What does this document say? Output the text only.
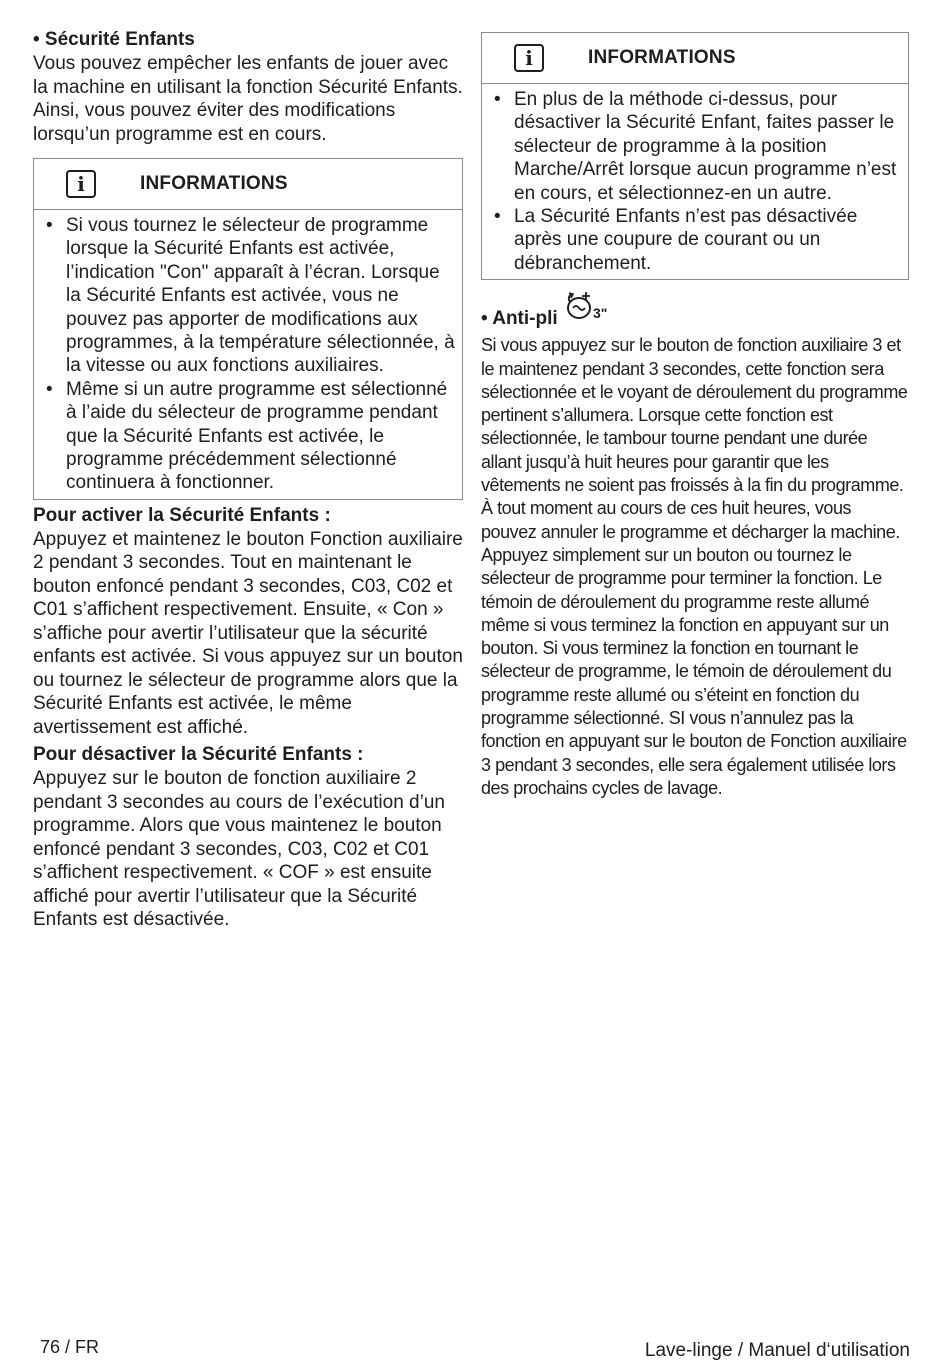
• Sécurité Enfants

Vous pouvez empêcher les enfants de jouer avec la machine en utilisant la fonction Sécurité Enfants. Ainsi, vous pouvez éviter des modifications lorsqu’un programme est en cours.

i	INFORMATIONS
• Si vous tournez le sélecteur de programme lorsque la Sécurité Enfants est activée, l’indication "Con" apparaît à l’écran. Lorsque la Sécurité Enfants est activée, vous ne pouvez pas apporter de modifications aux programmes, à la température sélectionnée, à la vitesse ou aux fonctions auxiliaires.
• Même si un autre programme est sélectionné à l’aide du sélecteur de programme pendant que la Sécurité Enfants est activée, le programme précédemment sélectionné continuera à fonctionner.

Pour activer la Sécurité Enfants :

Appuyez et maintenez le bouton Fonction auxiliaire 2 pendant 3 secondes. Tout en maintenant le bouton enfoncé pendant 3 secondes, C03, C02 et C01 s’affichent respectivement. Ensuite, « Con » s’affiche pour avertir l’utilisateur que la sécurité enfants est activée. Si vous appuyez sur un bouton ou tournez le sélecteur de programme alors que la Sécurité Enfants est activée, le même avertissement est affiché.

Pour désactiver la Sécurité Enfants :

Appuyez sur le bouton de fonction auxiliaire 2 pendant 3 secondes au cours de l’exécution d’un programme. Alors que vous maintenez le bouton enfoncé pendant 3 secondes, C03, C02 et C01 s’affichent respectivement. « COF » est ensuite affiché pour avertir l’utilisateur que la Sécurité Enfants est désactivée.

i	INFORMATIONS
• En plus de la méthode ci-dessus, pour désactiver la Sécurité Enfant, faites passer le sélecteur de programme à la position Marche/Arrêt lorsque aucun programme n’est en cours, et sélectionnez-en un autre.
• La Sécurité Enfants n’est pas désactivée après une coupure de courant ou un débranchement.
• Anti-pli	3"

Si vous appuyez sur le bouton de fonction auxiliaire 3 et le maintenez pendant 3 secondes, cette fonction sera sélectionnée et le voyant de déroulement du programme pertinent s’allumera. Lorsque cette fonction est sélectionnée, le tambour tourne pendant une durée allant jusqu’à huit heures pour garantir que les vêtements ne soient pas froissés à la fin du programme. À tout moment au cours de ces huit heures, vous pouvez annuler le programme et décharger la machine. Appuyez simplement sur un bouton ou tournez le sélecteur de programme pour terminer la fonction. Le témoin de déroulement du programme reste allumé même si vous terminez la fonction en appuyant sur un bouton. Si vous terminez la fonction en tournant le sélecteur de programme, le témoin de déroulement du programme reste allumé ou s’éteint en fonction du programme sélectionné. SI vous n’annulez pas la fonction en appuyant sur le bouton de Fonction auxiliaire 3 pendant 3 secondes, elle sera également utilisée lors des prochains cycles de lavage.

76 / FR	Lave-linge / Manuel d‘utilisation
